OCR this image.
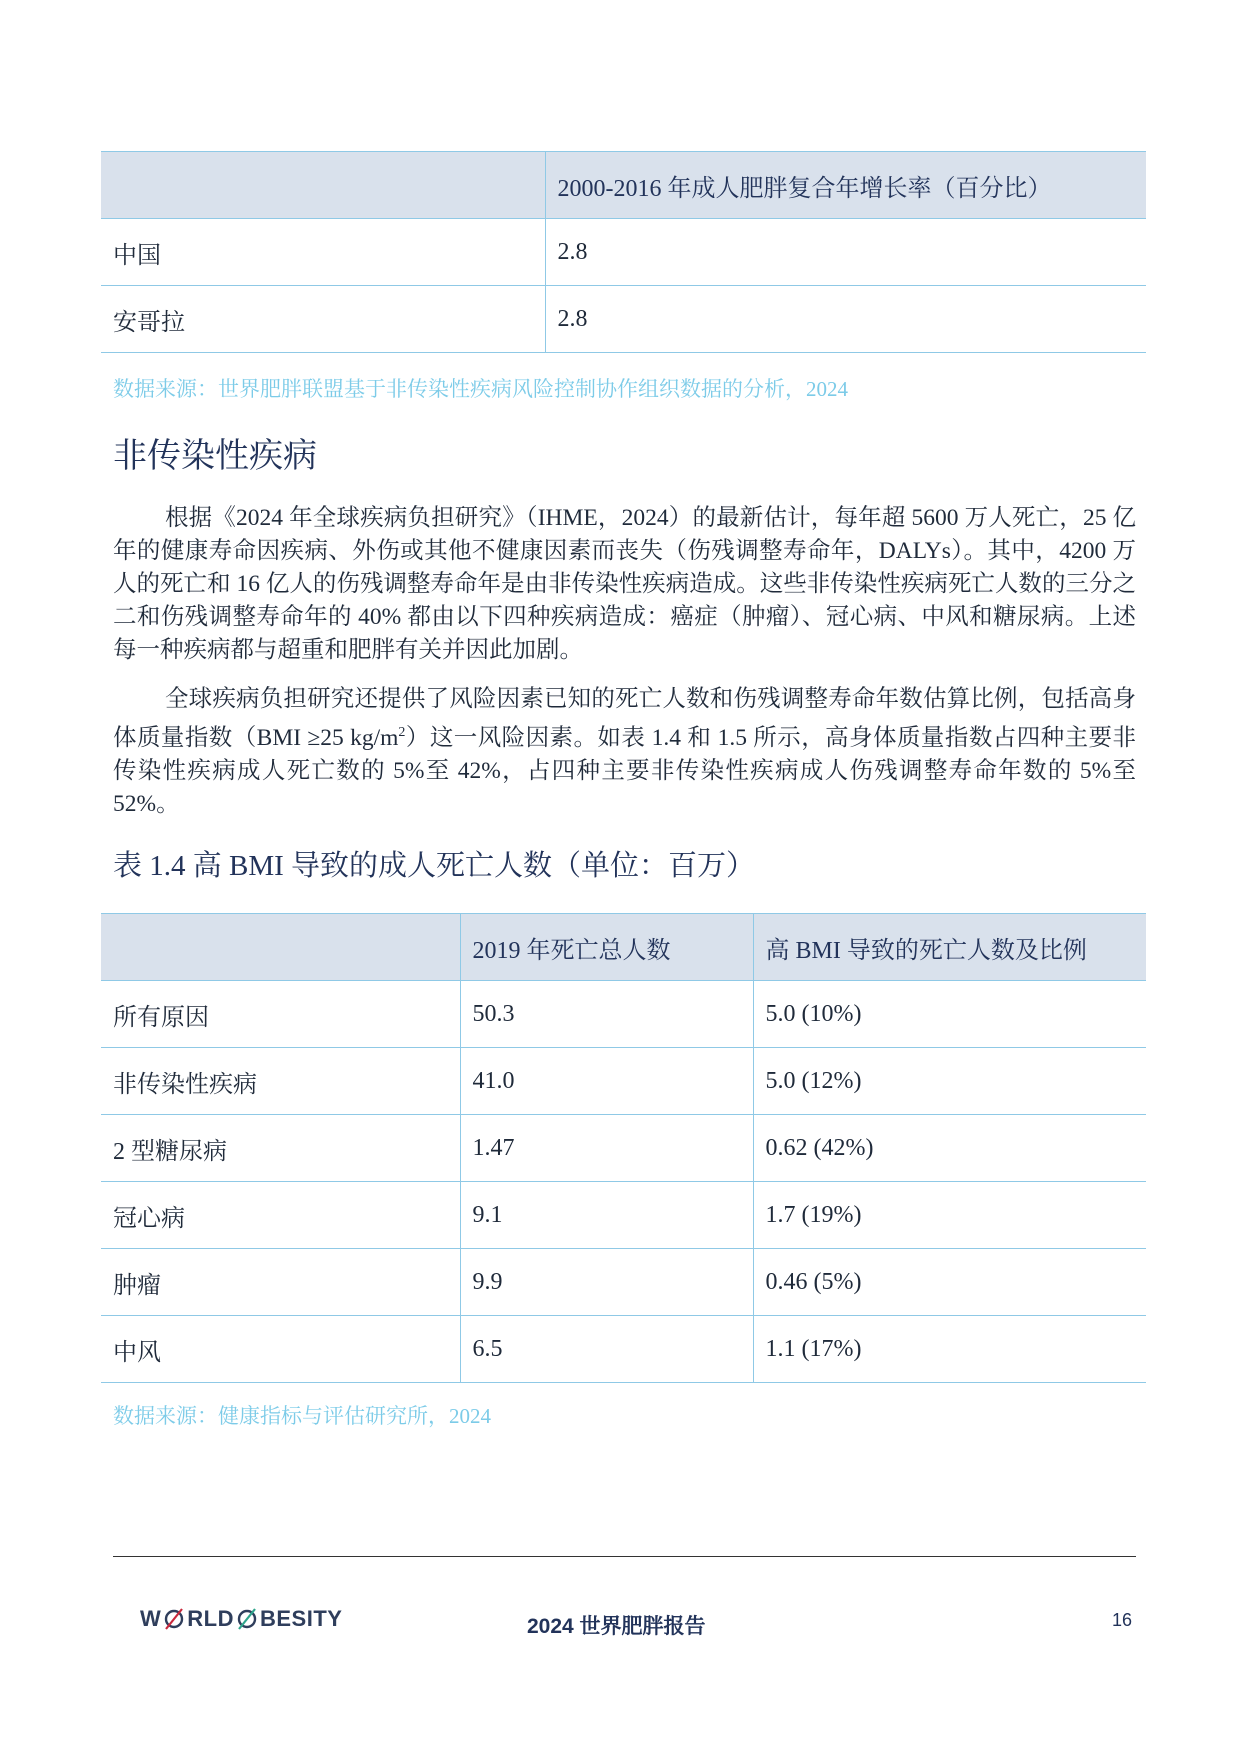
	2000-2016 年成人肥胖复合年增长率（百分比）
中国	2.8
安哥拉	2.8
数据来源：世界肥胖联盟基于非传染性疾病风险控制协作组织数据的分析，2024
非传染性疾病

根据《2024 年全球疾病负担研究》（IHME，2024）的最新估计，每年超 5600 万人死亡，25 亿年的健康寿命因疾病、外伤或其他不健康因素而丧失（伤残调整寿命年，DALYs）。其中，4200 万人的死亡和 16 亿人的伤残调整寿命年是由非传染性疾病造成。这些非传染性疾病死亡人数的三分之二和伤残调整寿命年的 40% 都由以下四种疾病造成：癌症（肿瘤）、冠心病、中风和糖尿病。上述每一种疾病都与超重和肥胖有关并因此加剧。

全球疾病负担研究还提供了风险因素已知的死亡人数和伤残调整寿命年数估算比例，包括高身体质量指数（BMI ≥25 $kg/m^2$）这一风险因素。如表 1.4 和 1.5 所示，高身体质量指数占四种主要非传染性疾病成人死亡数的 5%至 42%，占四种主要非传染性疾病成人伤残调整寿命年数的 5%至 52%。

表 1.4 高 BMI 导致的成人死亡人数（单位：百万）
	2019 年死亡总人数	高 BMI 导致的死亡人数及比例
所有原因	50.3	5.0 (10%)
非传染性疾病	41.0	5.0 (12%)
2 型糖尿病	1.47	0.62 (42%)
冠心病	9.1	1.7 (19%)
肿瘤	9.9	0.46 (5%)
中风	6.5	1.1 (17%)
数据来源：健康指标与评估研究所，2024
W RLD BESITY	2024 世界肥胖报告	16
